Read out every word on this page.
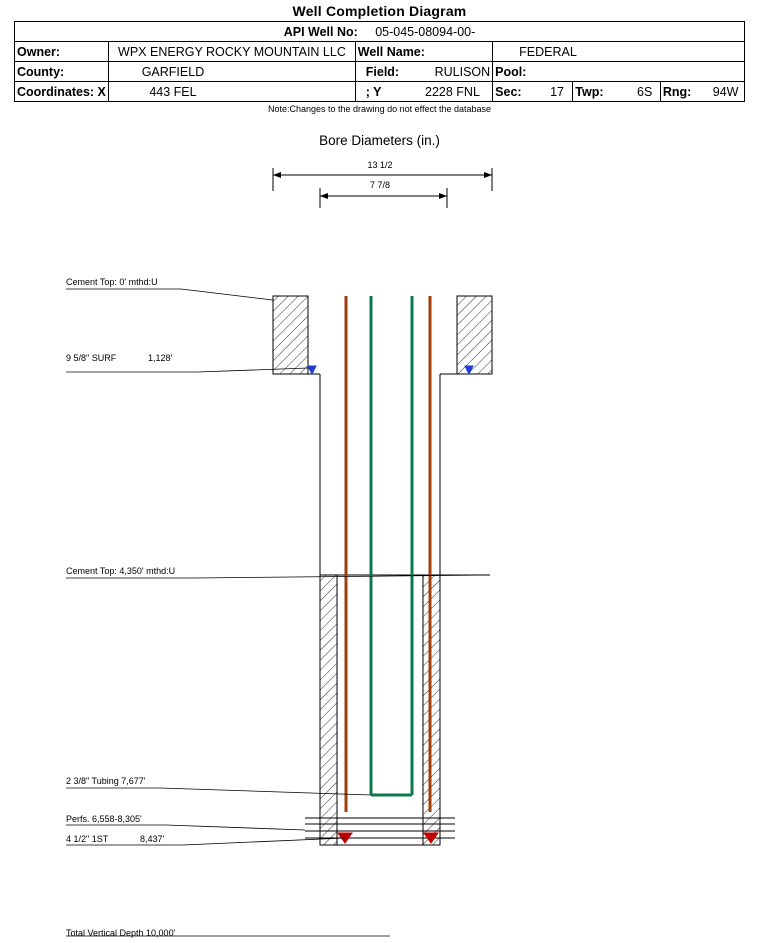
Well Completion Diagram
API Well No: 05-045-08094-00-					
Owner:	WPX ENERGY ROCKY MOUNTAIN LLC	Well Name:	FEDERAL		
County:	GARFIELD	Field: RULISON	Pool:		
Coordinates: X	443 FEL	; Y 2228 FNL	Sec: 17	Twp: 6S	Rng: 94W
Note:Changes to the drawing do not effect the database
Bore Diameters (in.)
13 1/2
7 7/8
Cement Top: 0' mthd:U
9 5/8" SURF	1,128'
Cement Top: 4,350' mthd:U
2 3/8" Tubing 7,677'
Perfs. 6,558-8,305'
4 1/2" 1ST	8,437'
Total Vertical Depth 10,000'
